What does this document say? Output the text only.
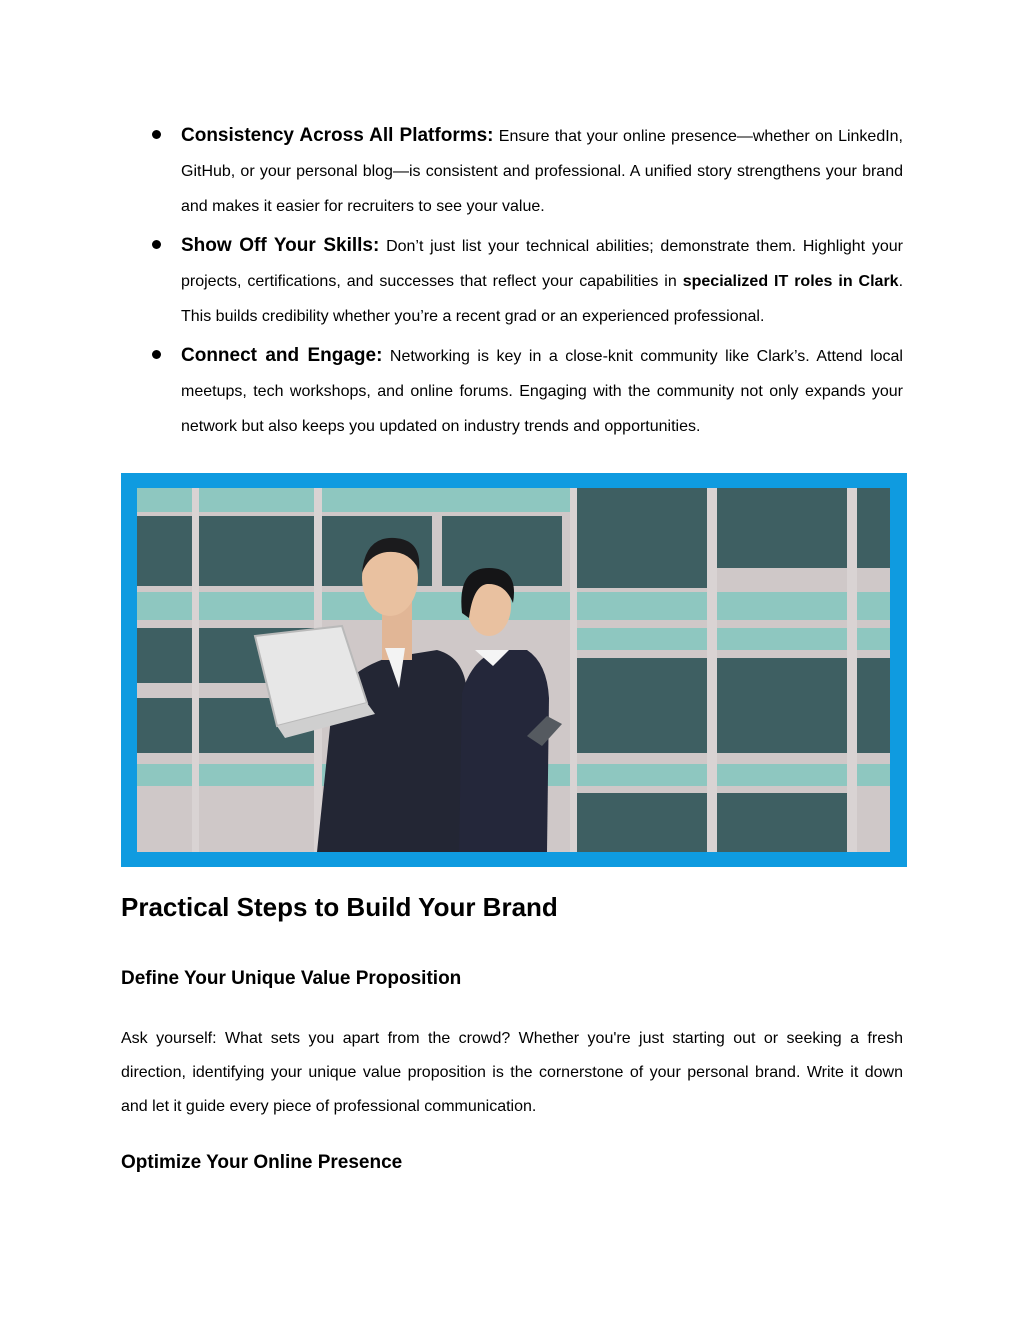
Consistency Across All Platforms: Ensure that your online presence—whether on LinkedIn, GitHub, or your personal blog—is consistent and professional. A unified story strengthens your brand and makes it easier for recruiters to see your value.
Show Off Your Skills: Don’t just list your technical abilities; demonstrate them. Highlight your projects, certifications, and successes that reflect your capabilities in specialized IT roles in Clark. This builds credibility whether you’re a recent grad or an experienced professional.
Connect and Engage: Networking is key in a close-knit community like Clark’s. Attend local meetups, tech workshops, and online forums. Engaging with the community not only expands your network but also keeps you updated on industry trends and opportunities.
Practical Steps to Build Your Brand
Define Your Unique Value Proposition

Ask yourself: What sets you apart from the crowd? Whether you're just starting out or seeking a fresh direction, identifying your unique value proposition is the cornerstone of your personal brand. Write it down and let it guide every piece of professional communication.

Optimize Your Online Presence
